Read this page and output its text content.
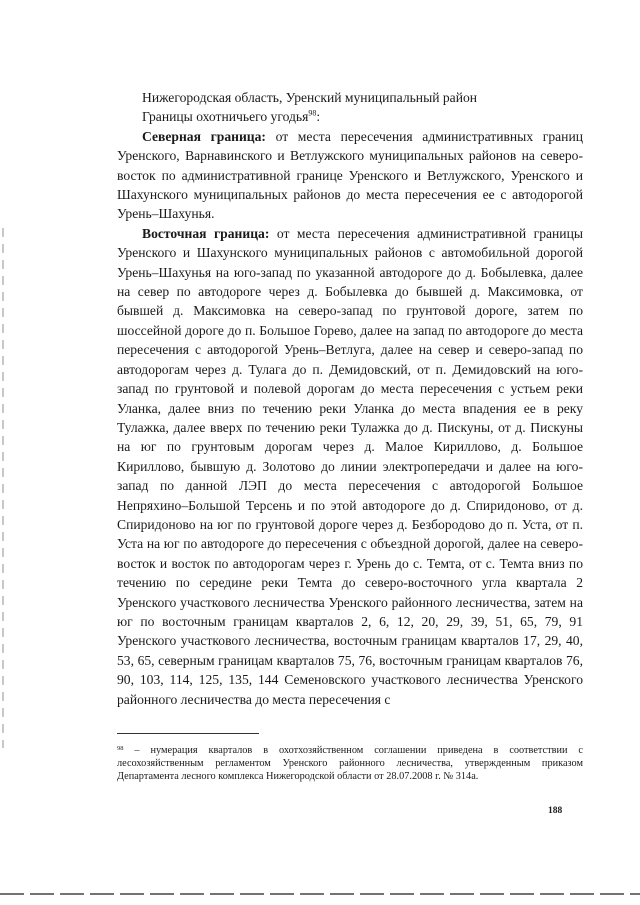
Нижегородская область, Уренский муниципальный район

Границы охотничьего угодья$^{98}$:

Северная граница: от места пересечения административных границ Уренского, Варнавинского и Ветлужского муниципальных районов на северо-восток по административной границе Уренского и Ветлужского, Уренского и Шахунского муниципальных районов до места пересечения ее с автодорогой Урень–Шахунья.

Восточная граница: от места пересечения административной границы Уренского и Шахунского муниципальных районов с автомобильной дорогой Урень–Шахунья на юго-запад по указанной автодороге до д. Бобылевка, далее на север по автодороге через д. Бобылевка до бывшей д. Максимовка, от бывшей д. Максимовка на северо-запад по грунтовой дороге, затем по шоссейной дороге до п. Большое Горево, далее на запад по автодороге до места пересечения с автодорогой Урень–Ветлуга, далее на север и северо-запад по автодорогам через д. Тулага до п. Демидовский, от п. Демидовский на юго-запад по грунтовой и полевой дорогам до места пересечения с устьем реки Уланка, далее вниз по течению реки Уланка до места впадения ее в реку Тулажка, далее вверх по течению реки Тулажка до д. Пискуны, от д. Пискуны на юг по грунтовым дорогам через д. Малое Кириллово, д. Большое Кириллово, бывшую д. Золотово до линии электропередачи и далее на юго-запад по данной ЛЭП до места пересечения с автодорогой Большое Непряхино–Большой Терсень и по этой автодороге до д. Спиридоново, от д. Спиридоново на юг по грунтовой дороге через д. Безбородово до п. Уста, от п. Уста на юг по автодороге до пересечения с объездной дорогой, далее на северо-восток и восток по автодорогам через г. Урень до с. Темта, от с. Темта вниз по течению по середине реки Темта до северо-восточного угла квартала 2 Уренского участкового лесничества Уренского районного лесничества, затем на юг по восточным границам кварталов 2, 6, 12, 20, 29, 39, 51, 65, 79, 91 Уренского участкового лесничества, восточным границам кварталов 17, 29, 40, 53, 65, северным границам кварталов 75, 76, восточным границам кварталов 76, 90, 103, 114, 125, 135, 144 Семеновского участкового лесничества Уренского районного лесничества до места пересечения с

$^{98}$ – нумерация кварталов в охотхозяйственном соглашении приведена в соответствии с лесохозяйственным регламентом Уренского районного лесничества, утвержденным приказом Департамента лесного комплекса Нижегородской области от 28.07.2008 г. № 314а.

188
